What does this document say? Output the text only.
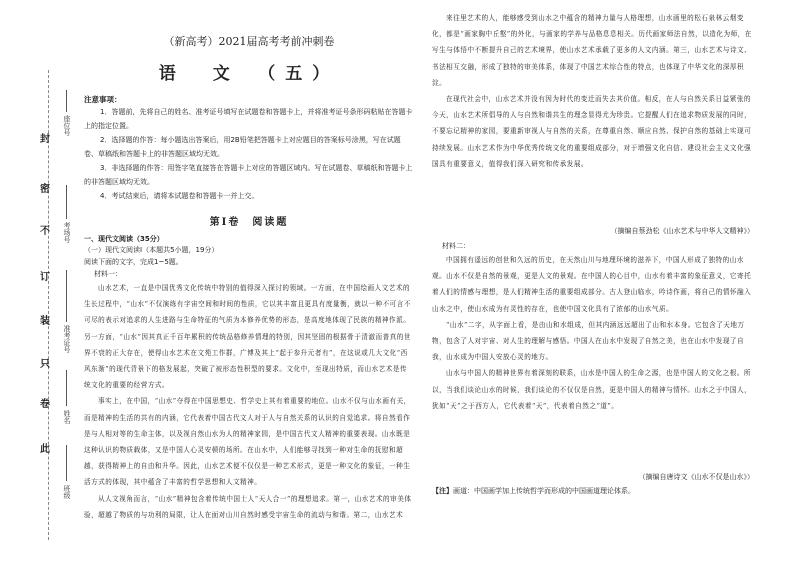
封
密
不
订
装
只
卷
此
座位号
考场号
准考证号
姓名
班级
（新高考）2021届高考考前冲刺卷
语　文　（五）
注意事项：

1．答题前，先将自己的姓名、准考证号填写在试题卷和答题卡上，并将准考证号条形码粘贴在答题卡上的指定位置。

2．选择题的作答：每小题选出答案后，用2B铅笔把答题卡上对应题目的答案标号涂黑，写在试题卷、草稿纸和答题卡上的非答题区域均无效。

3．非选择题的作答：用签字笔直接答在答题卡上对应的答题区域内。写在试题卷、草稿纸和答题卡上的非答题区域均无效。

4．考试结束后，请将本试题卷和答题卡一并上交。

第Ⅰ卷　阅读题
一、现代文阅读（35分）

（一）现代文阅读Ⅰ（本题共5小题，19分）

阅读下面的文字，完成1~5题。

材料一：

山水艺术，一直是中国优秀文化传统中特别的值得深入探讨的领域。一方面，在中国绘画人文艺术的生长过程中，“山水”不仅演练有宇宙空间和时间的性质，它以其丰富且更具有度量衡，就以一种不可言不可尽的表示对追求的人生进路与生命特征的气质为本修养优势的形态，是高度地体现了民族的精神作派。另一方面，“山水”因其真正千百年累积的传统品格修养情理的特别，因其坚固的根据骨于清澈而普真的世界不衰的正大存在，使得山水艺术在文苑工作群，广博及其上“起于参升元者有”，在这说或几大文化“西风东渐”的现代背景下的格发展起，突破了被形态性积型的要求。文化中，至现出特质，而山水艺术是传统文化的重要的经营方式。

事实上，在中国，“山水”夺得在中国思想史、哲学史上其有着重要的地位。山水不仅与山水画有关，而是精神的生活的共有的内涵，它代表着中国古代文人对于人与自然关系的认识的自觉追求。将自然看作是与人相对等的生命主体，以及视自然山水为人的精神家园，是中国古代文人精神的重要表现。山水既是这种认识的物质载体，又是中国人心灵安顿的场所。在山水中，人们能够寻找到一种对生命的抚慰和超越，获得精神上的自由和升华。因此，山水艺术便不仅仅是一种艺术形式，更是一种文化的象征，一种生活方式的体现，其中蕴含了丰富的哲学思想和人文精神。

从人文视角而言，“山水”精神包含着传统中国士人“天人合一”的理想追求。第一，山水艺术的审美体验，超越了物质的与功利的局限，让人在面对山川自然时感受宇宙生命的流动与和谐。第二，山水艺术

来往里艺术的人，能够感受到山水之中蕴含的精神力量与人格理想，山水画里的松石泉林云烟变化，都是“画家胸中丘壑”的外化，与画家的学养与品格息息相关。历代画家师法自然，以造化为师，在写生与体悟中不断提升自己的艺术境界，使山水艺术承载了更多的人文内涵。第三，山水艺术与诗文、书法相互交融，形成了独特的审美体系，体现了中国艺术综合性的特点，也体现了中华文化的深厚积淀。

在现代社会中，山水艺术并没有因为时代的变迁而失去其价值。相反，在人与自然关系日益紧张的今天，山水艺术所倡导的人与自然和谐共生的理念显得尤为珍贵。它提醒人们在追求物质发展的同时，不要忘记精神的家园，要重新审视人与自然的关系，在尊重自然、顺应自然、保护自然的基础上实现可持续发展。山水艺术作为中华优秀传统文化的重要组成部分，对于增强文化自信、建设社会主义文化强国具有重要意义，值得我们深入研究和传承发展。

（摘编自蔡劲松《山水艺术与中华人文精神》）

材料二：

中国拥有遥远的创世和久远的历史，在天然山川与地理环境的滋养下，中国人形成了独特的山水观。山水不仅是自然的景观，更是人文的景观。在中国人的心目中，山水有着丰富的象征意义，它寄托着人们的情感与理想，是人们精神生活的重要组成部分。古人登山临水，吟诗作画，将自己的情怀融入山水之中，使山水成为有灵性的存在，也使中国文化具有了浓郁的山水气质。

“山水”二字，从字面上看，是由山和水组成，但其内涵远远超出了山和水本身。它包含了天地万物，包含了人对宇宙、对人生的理解与感悟。中国人在山水中发现了自然之美，也在山水中发现了自我，山水成为中国人安放心灵的地方。

山水与中国人的精神世界有着深刻的联系，山水是中国人的生命之源，也是中国人的文化之根。所以，当我们谈论山水的时候，我们谈论的不仅仅是自然，更是中国人的精神与情怀。山水之于中国人，犹如“天”之于西方人，它代表着“天”，代表着自然之“道”。

（摘编自唐诗文《山水不仅是山水》）
【注】画道：中国画学加上传统哲学而形成的中国画道理论体系。
